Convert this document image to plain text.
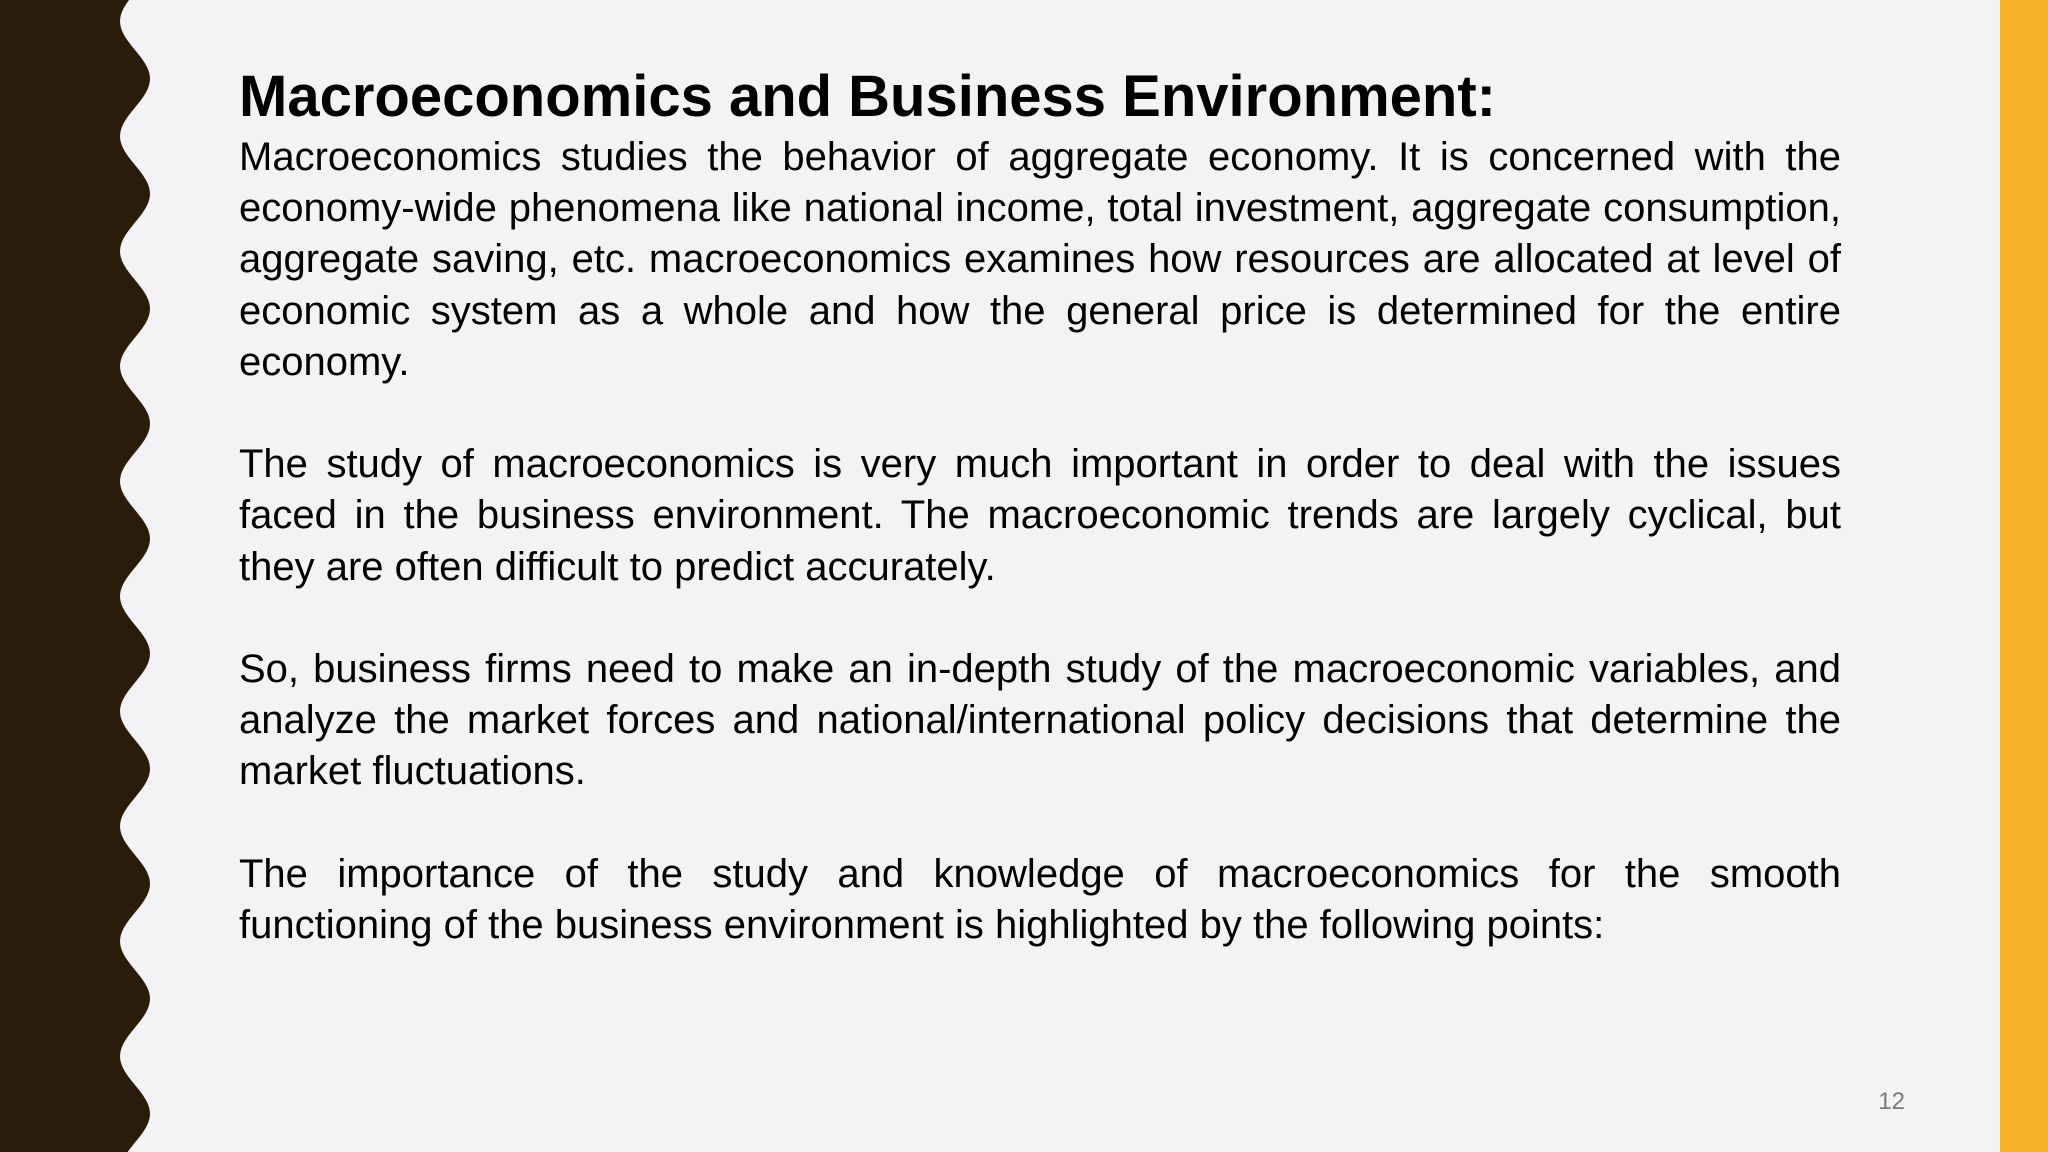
Macroeconomics and Business Environment:

Macroeconomics studies the behavior of aggregate economy. It is concerned with the economy-wide phenomena like national income, total investment, aggregate consumption, aggregate saving, etc. macroeconomics examines how resources are allocated at level of economic system as a whole and how the general price is determined for the entire economy.

The study of macroeconomics is very much important in order to deal with the issues faced in the business environment. The macroeconomic trends are largely cyclical, but they are often difficult to predict accurately.

So, business firms need to make an in-depth study of the macroeconomic variables, and analyze the market forces and national/international policy decisions that determine the market fluctuations.

The importance of the study and knowledge of macroeconomics for the smooth functioning of the business environment is highlighted by the following points:

12
